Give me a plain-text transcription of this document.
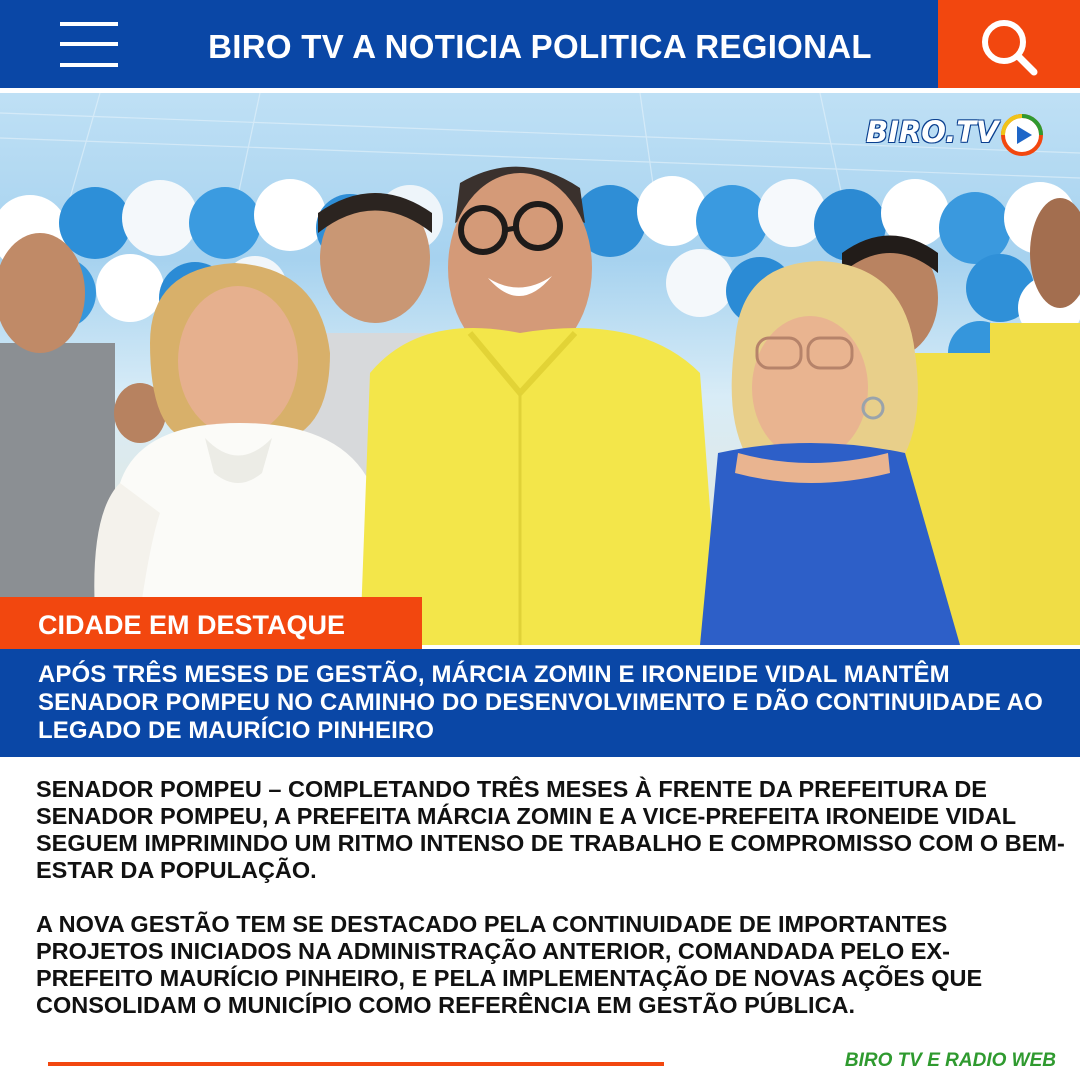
BIRO TV A NOTICIA POLITICA REGIONAL
BIRO.TV
CIDADE EM DESTAQUE
APÓS TRÊS MESES DE GESTÃO, MÁRCIA ZOMIN E IRONEIDE VIDAL MANTÊM SENADOR POMPEU NO CAMINHO DO DESENVOLVIMENTO E DÃO CONTINUIDADE AO LEGADO DE MAURÍCIO PINHEIRO

SENADOR POMPEU – COMPLETANDO TRÊS MESES À FRENTE DA PREFEITURA DE SENADOR POMPEU, A PREFEITA MÁRCIA ZOMIN E A VICE-PREFEITA IRONEIDE VIDAL SEGUEM IMPRIMINDO UM RITMO INTENSO DE TRABALHO E COMPROMISSO COM O BEM-ESTAR DA POPULAÇÃO.

A NOVA GESTÃO TEM SE DESTACADO PELA CONTINUIDADE DE IMPORTANTES PROJETOS INICIADOS NA ADMINISTRAÇÃO ANTERIOR, COMANDADA PELO EX-PREFEITO MAURÍCIO PINHEIRO, E PELA IMPLEMENTAÇÃO DE NOVAS AÇÕES QUE CONSOLIDAM O MUNICÍPIO COMO REFERÊNCIA EM GESTÃO PÚBLICA.

BIRO TV E RADIO WEB
